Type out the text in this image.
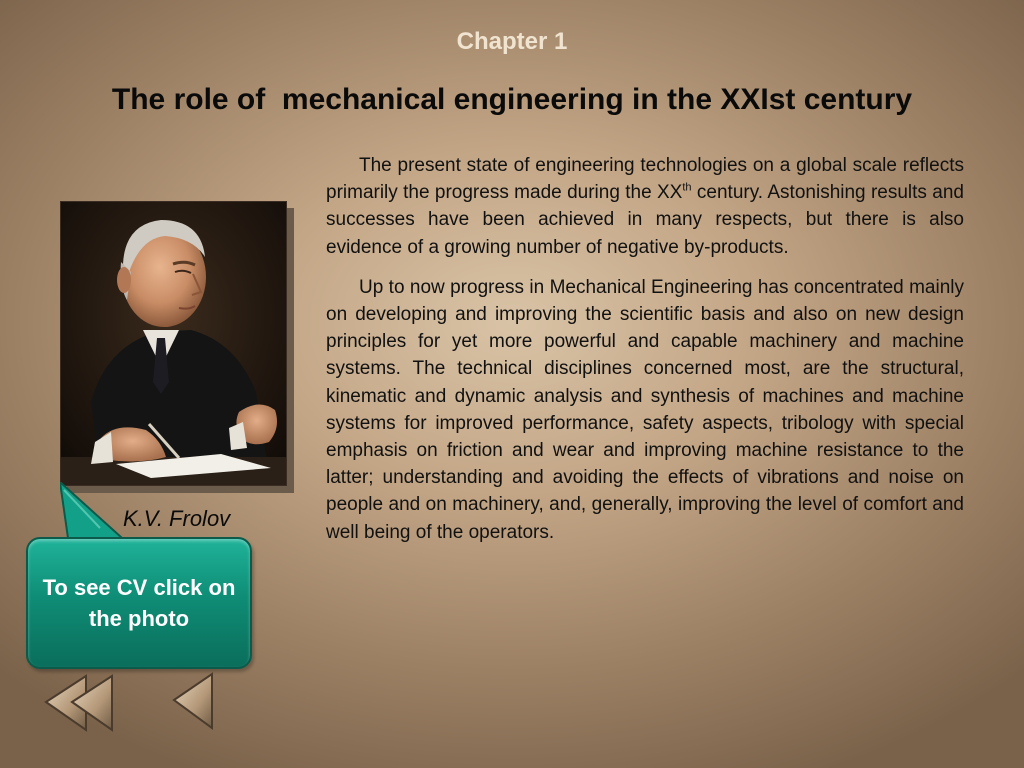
Chapter 1
The role of  mechanical engineering in the XXIst century

The present state of engineering technologies on a global scale reflects primarily the progress made during the XXth century. Astonishing results and successes have been achieved in many respects, but there is also evidence of a growing number of negative by-products.

Up to now progress in Mechanical Engineering has concentrated mainly on developing and improving the scientific basis and also on new design principles for yet more powerful and capable machinery and machine systems. The technical disciplines concerned most, are the structural, kinematic and dynamic analysis and synthesis of machines and machine systems for improved performance, safety aspects, tribology with special emphasis on friction and wear and improving machine resistance to the latter; understanding and avoiding the effects of vibrations and noise on people and on machinery, and, generally, improving the level of comfort and well being of the operators.

K.V. Frolov
To see CV click on the photo
